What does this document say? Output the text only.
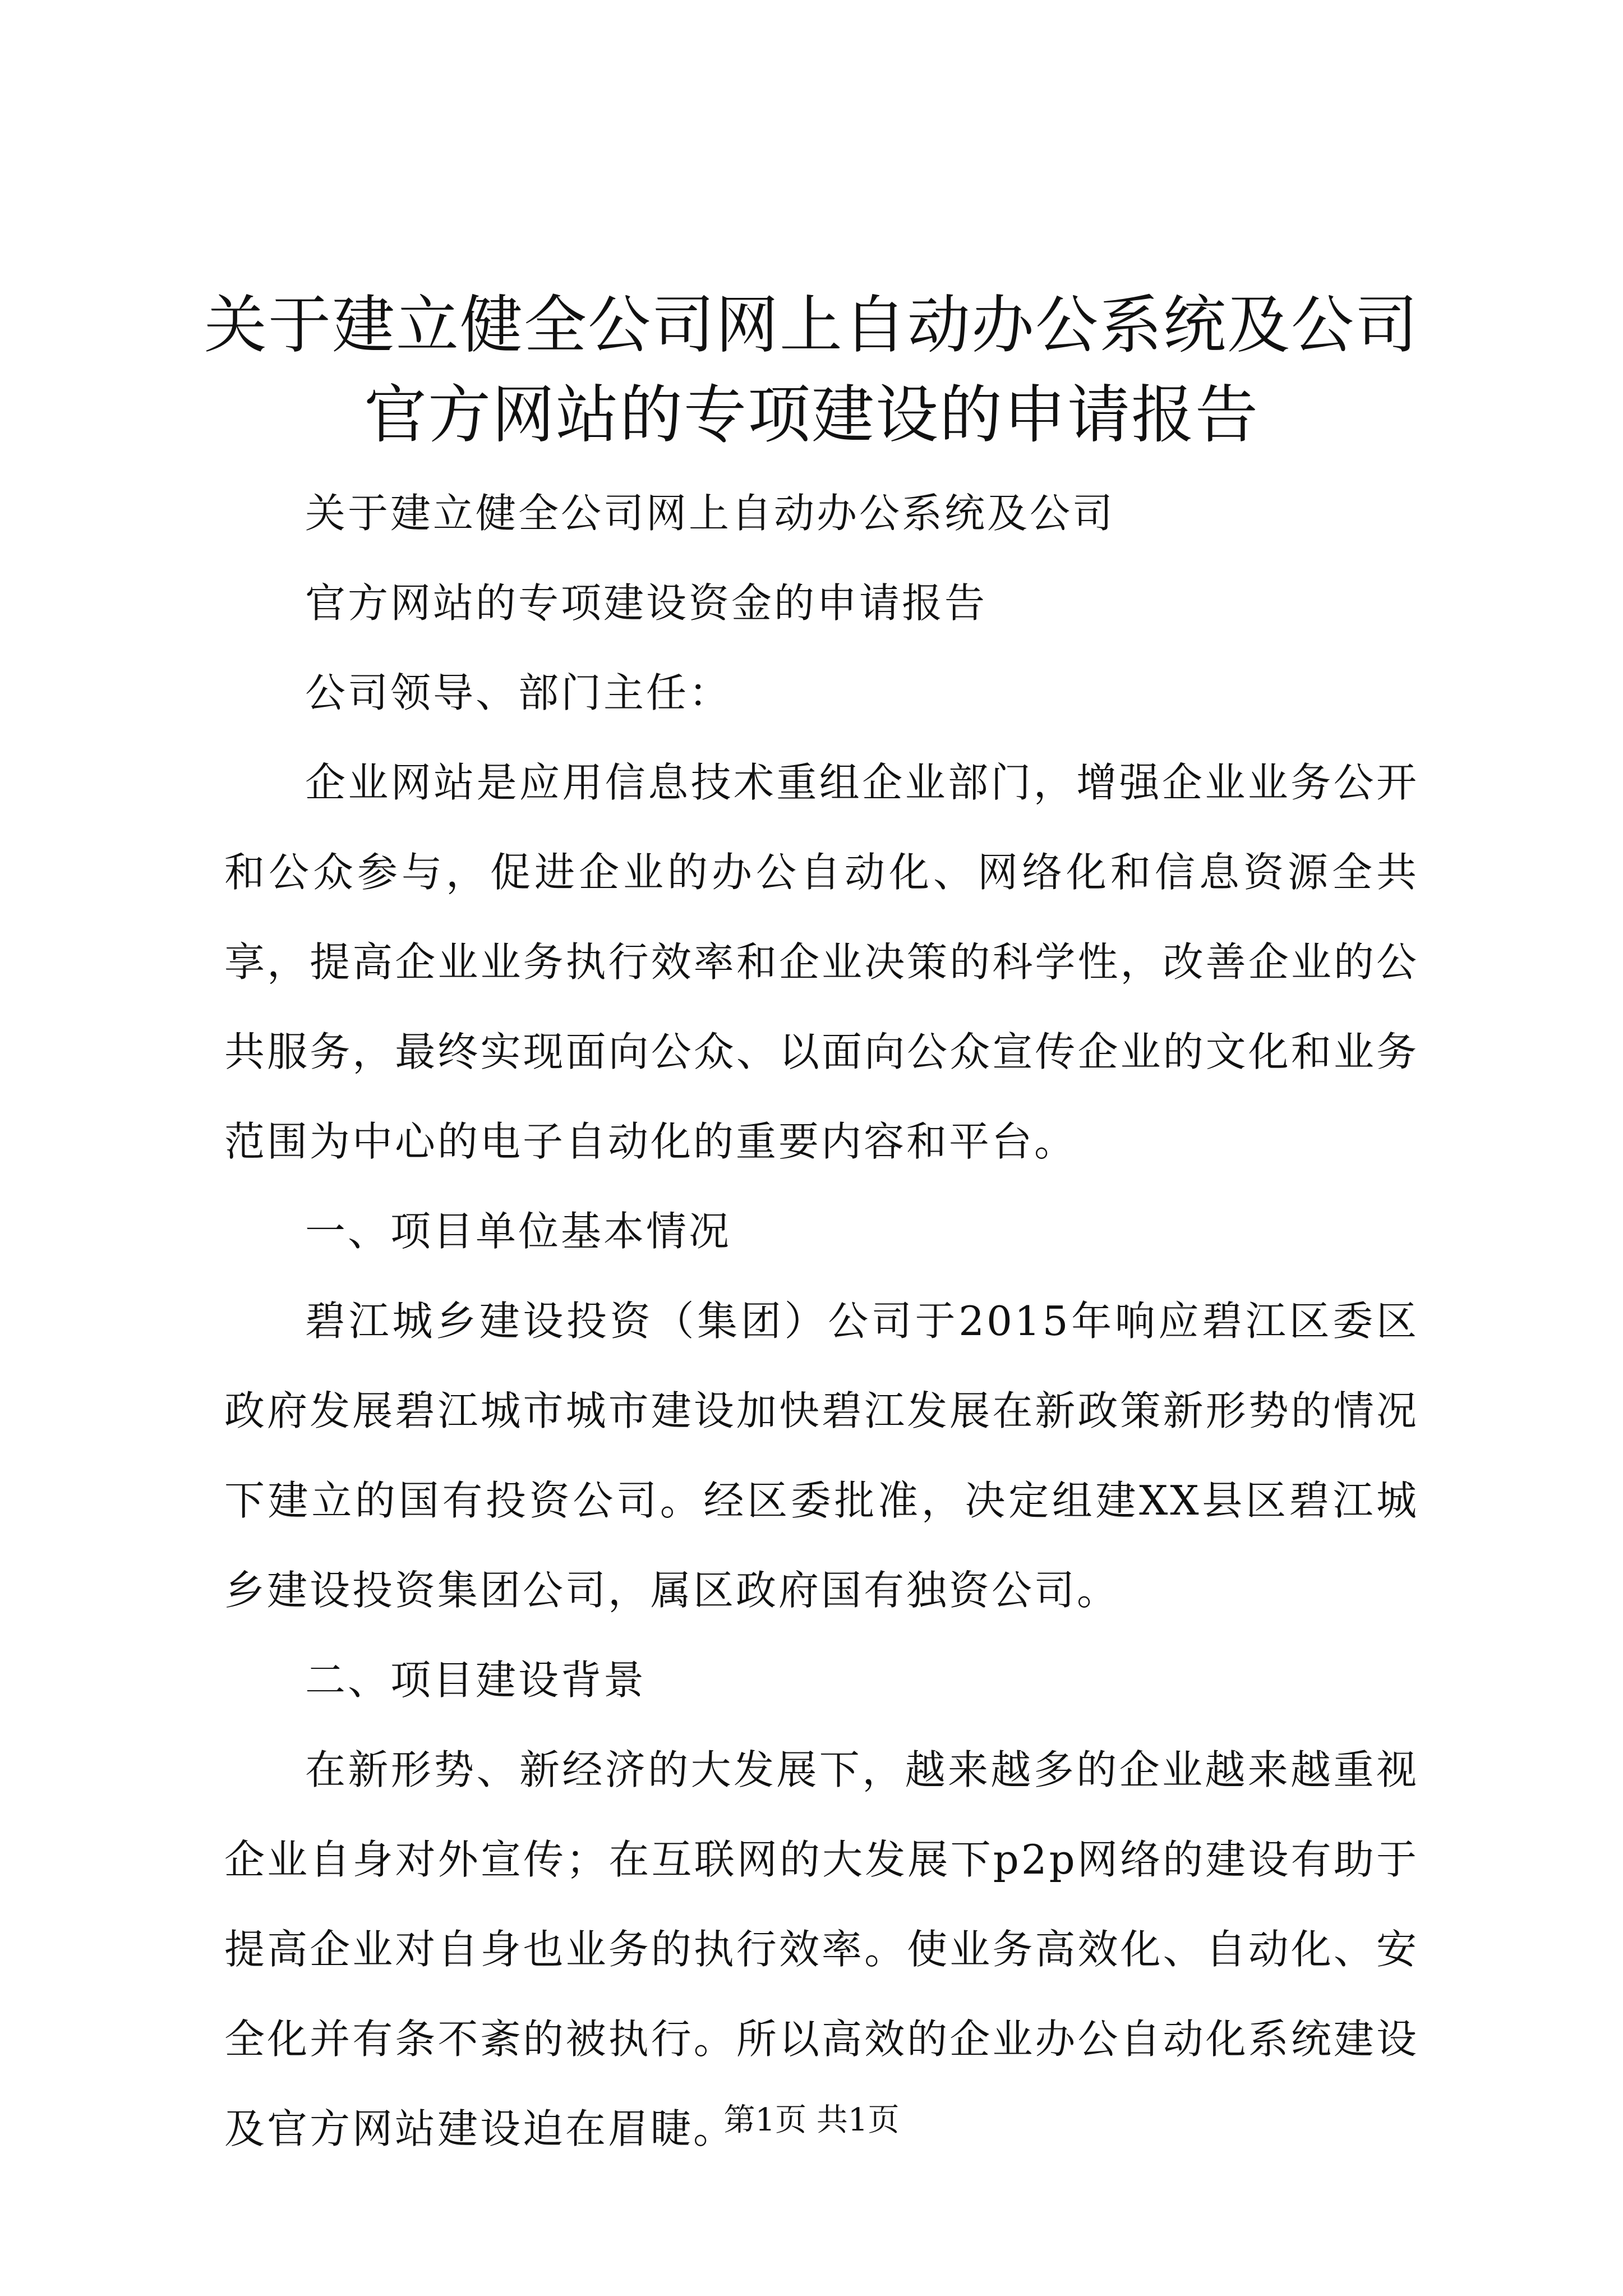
关于建立健全公司网上自动办公系统及公司官方网站的专项建设的申请报告

关于建立健全公司网上自动办公系统及公司

官方网站的专项建设资金的申请报告

公司领导、部门主任：

企业网站是应用信息技术重组企业部门，增强企业业务公开和公众参与，促进企业的办公自动化、网络化和信息资源全共享，提高企业业务执行效率和企业决策的科学性，改善企业的公共服务，最终实现面向公众、以面向公众宣传企业的文化和业务范围为中心的电子自动化的重要内容和平台。

一、项目单位基本情况

碧江城乡建设投资（集团）公司于2015年响应碧江区委区政府发展碧江城市城市建设加快碧江发展在新政策新形势的情况下建立的国有投资公司。经区委批准，决定组建XX县区碧江城乡建设投资集团公司，属区政府国有独资公司。

二、项目建设背景

在新形势、新经济的大发展下，越来越多的企业越来越重视企业自身对外宣传；在互联网的大发展下p2p网络的建设有助于提高企业对自身也业务的执行效率。使业务高效化、自动化、安全化并有条不紊的被执行。所以高效的企业办公自动化系统建设及官方网站建设迫在眉睫。

第1页 共1页
